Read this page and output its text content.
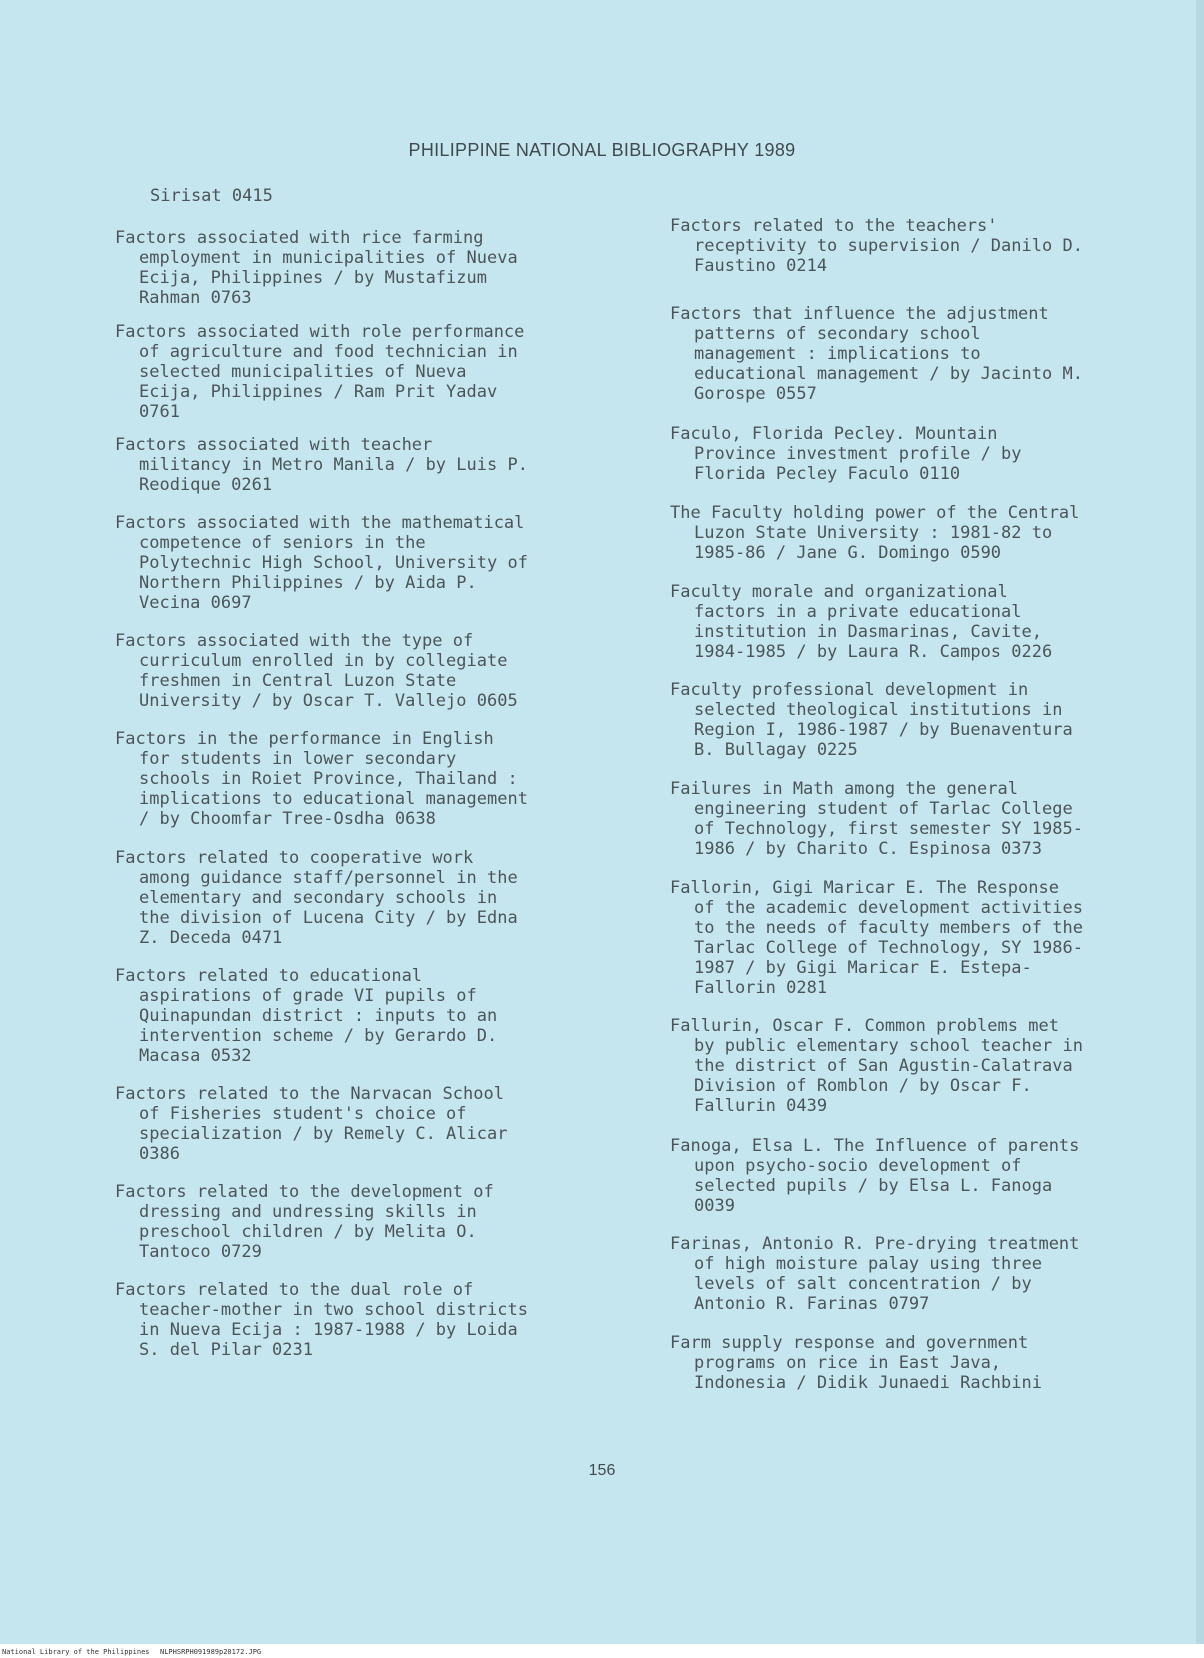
PHILIPPINE NATIONAL BIBLIOGRAPHY 1989
Sirisat 0415
Factors associated with rice farming
employment in municipalities of Nueva
Ecija, Philippines / by Mustafizum
Rahman 0763
Factors associated with role performance
of agriculture and food technician in
selected municipalities of Nueva
Ecija, Philippines / Ram Prit Yadav
0761
Factors associated with teacher
militancy in Metro Manila / by Luis P.
Reodique 0261
Factors associated with the mathematical
competence of seniors in the
Polytechnic High School, University of
Northern Philippines / by Aida P.
Vecina 0697
Factors associated with the type of
curriculum enrolled in by collegiate
freshmen in Central Luzon State
University / by Oscar T. Vallejo 0605
Factors in the performance in English
for students in lower secondary
schools in Roiet Province, Thailand :
implications to educational management
/ by Choomfar Tree-Osdha 0638
Factors related to cooperative work
among guidance staff/personnel in the
elementary and secondary schools in
the division of Lucena City / by Edna
Z. Deceda 0471
Factors related to educational
aspirations of grade VI pupils of
Quinapundan district : inputs to an
intervention scheme / by Gerardo D.
Macasa 0532
Factors related to the Narvacan School
of Fisheries student's choice of
specialization / by Remely C. Alicar
0386
Factors related to the development of
dressing and undressing skills in
preschool children / by Melita O.
Tantoco 0729
Factors related to the dual role of
teacher-mother in two school districts
in Nueva Ecija : 1987-1988 / by Loida
S. del Pilar 0231
Factors related to the teachers'
receptivity to supervision / Danilo D.
Faustino 0214
Factors that influence the adjustment
patterns of secondary school
management : implications to
educational management / by Jacinto M.
Gorospe 0557
Faculo, Florida Pecley. Mountain
Province investment profile / by
Florida Pecley Faculo 0110
The Faculty holding power of the Central
Luzon State University : 1981-82 to
1985-86 / Jane G. Domingo 0590
Faculty morale and organizational
factors in a private educational
institution in Dasmarinas, Cavite,
1984-1985 / by Laura R. Campos 0226
Faculty professional development in
selected theological institutions in
Region I, 1986-1987 / by Buenaventura
B. Bullagay 0225
Failures in Math among the general
engineering student of Tarlac College
of Technology, first semester SY 1985-
1986 / by Charito C. Espinosa 0373
Fallorin, Gigi Maricar E. The Response
of the academic development activities
to the needs of faculty members of the
Tarlac College of Technology, SY 1986-
1987 / by Gigi Maricar E. Estepa-
Fallorin 0281
Fallurin, Oscar F. Common problems met
by public elementary school teacher in
the district of San Agustin-Calatrava
Division of Romblon / by Oscar F.
Fallurin 0439
Fanoga, Elsa L. The Influence of parents
upon psycho-socio development of
selected pupils / by Elsa L. Fanoga
0039
Farinas, Antonio R. Pre-drying treatment
of high moisture palay using three
levels of salt concentration / by
Antonio R. Farinas 0797
Farm supply response and government
programs on rice in East Java,
Indonesia / Didik Junaedi Rachbini
156
National Library of the Philippines NLPHSRPH091989p20172.JPG
